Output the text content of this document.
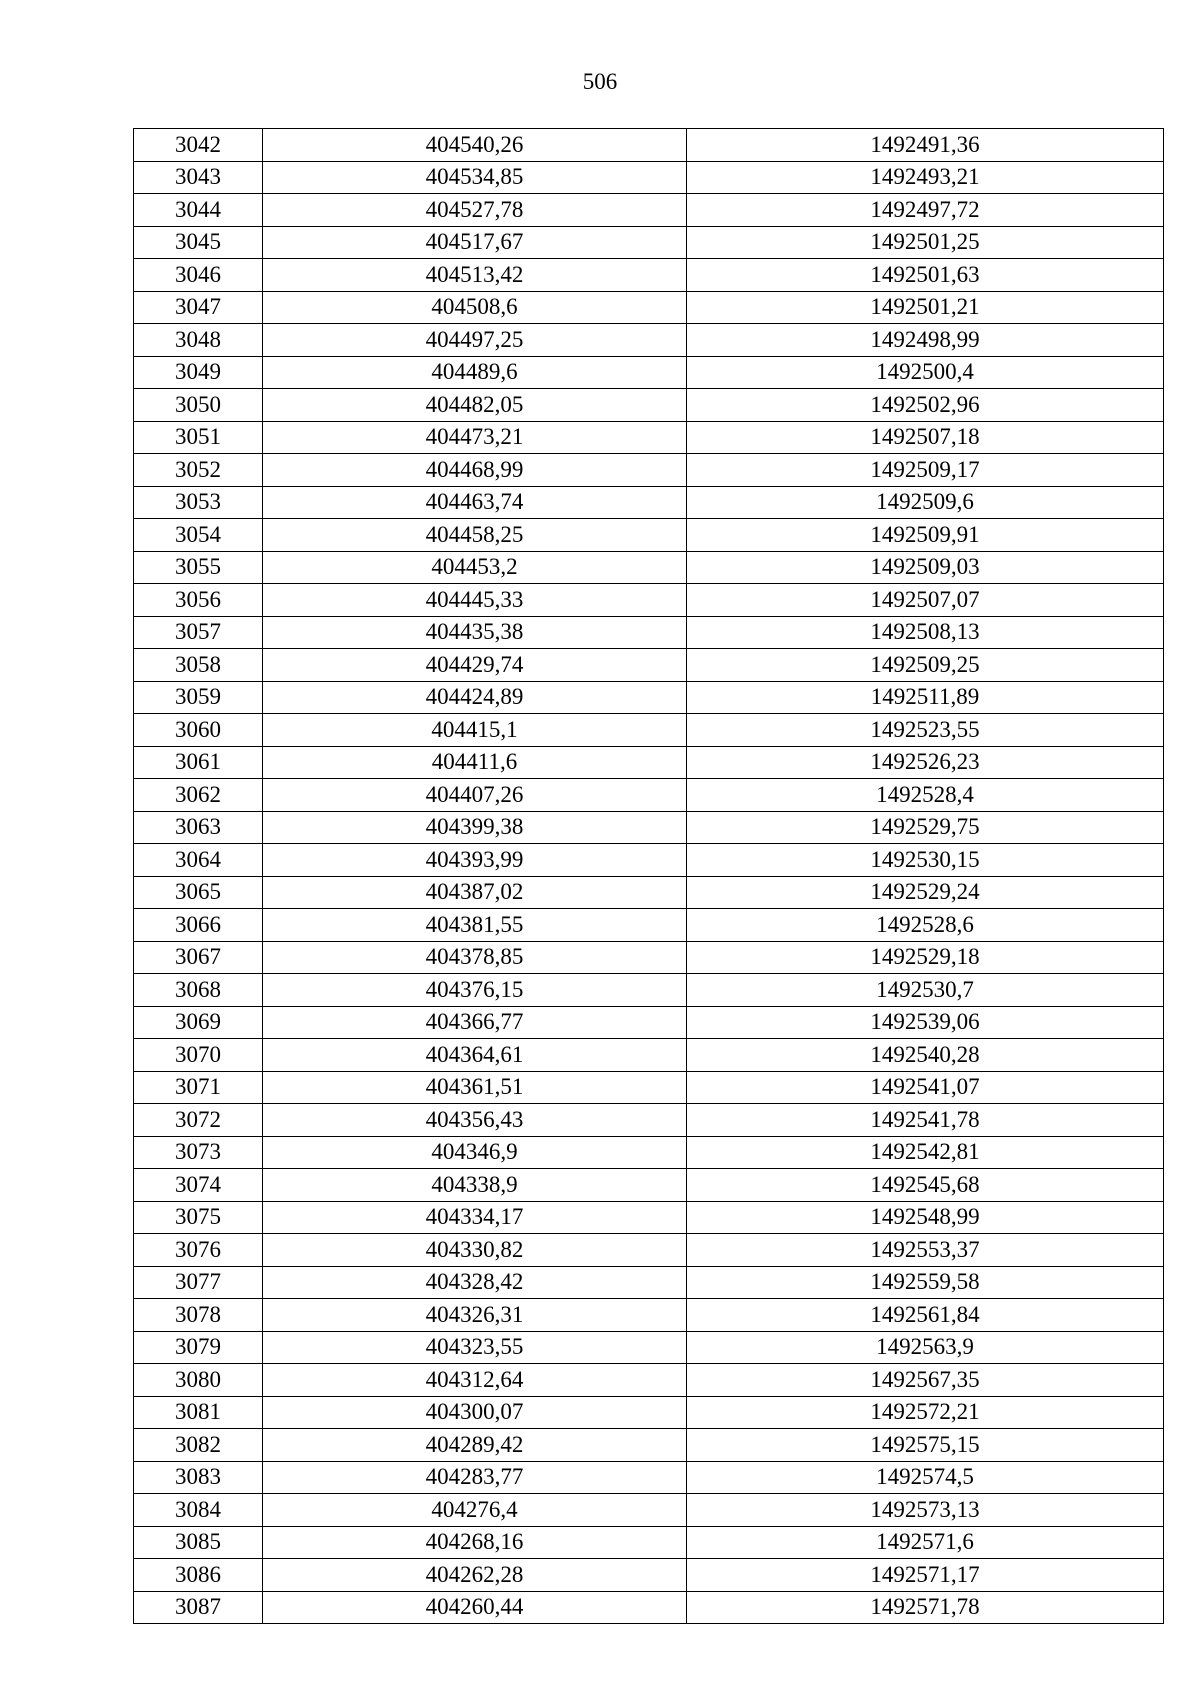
506
3042	404540,26	1492491,36
3043	404534,85	1492493,21
3044	404527,78	1492497,72
3045	404517,67	1492501,25
3046	404513,42	1492501,63
3047	404508,6	1492501,21
3048	404497,25	1492498,99
3049	404489,6	1492500,4
3050	404482,05	1492502,96
3051	404473,21	1492507,18
3052	404468,99	1492509,17
3053	404463,74	1492509,6
3054	404458,25	1492509,91
3055	404453,2	1492509,03
3056	404445,33	1492507,07
3057	404435,38	1492508,13
3058	404429,74	1492509,25
3059	404424,89	1492511,89
3060	404415,1	1492523,55
3061	404411,6	1492526,23
3062	404407,26	1492528,4
3063	404399,38	1492529,75
3064	404393,99	1492530,15
3065	404387,02	1492529,24
3066	404381,55	1492528,6
3067	404378,85	1492529,18
3068	404376,15	1492530,7
3069	404366,77	1492539,06
3070	404364,61	1492540,28
3071	404361,51	1492541,07
3072	404356,43	1492541,78
3073	404346,9	1492542,81
3074	404338,9	1492545,68
3075	404334,17	1492548,99
3076	404330,82	1492553,37
3077	404328,42	1492559,58
3078	404326,31	1492561,84
3079	404323,55	1492563,9
3080	404312,64	1492567,35
3081	404300,07	1492572,21
3082	404289,42	1492575,15
3083	404283,77	1492574,5
3084	404276,4	1492573,13
3085	404268,16	1492571,6
3086	404262,28	1492571,17
3087	404260,44	1492571,78
